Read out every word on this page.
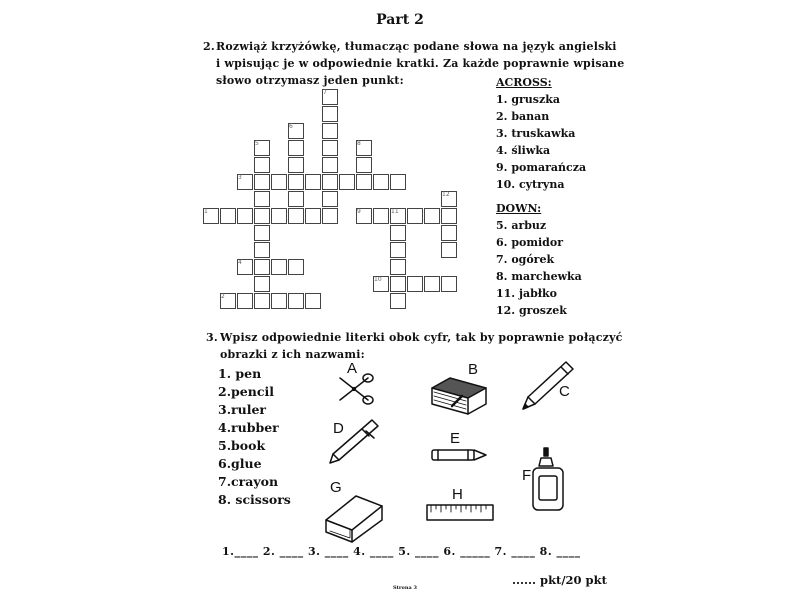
Part 2
2. Rozwiąż krzyżówkę, tłumacząc podane słowa na język angielski
i wpisując je w odpowiednie kratki. Za każde poprawnie wpisane
słowo otrzymasz jeden punkt:
7
6
5	8
3
12
1	9	11
4
10
2
ACROSS:
1. gruszka
2. banan
3. truskawka
4. śliwka
9. pomarańcza
10. cytryna
DOWN:
5. arbuz
6. pomidor
7. ogórek
8. marchewka
11. jabłko
12. groszek
3. Wpisz odpowiednie literki obok cyfr, tak by poprawnie połączyć
obrazki z ich nazwami:
1. pen
2.pencil
3.ruler
4.rubber
5.book
6.glue
7.crayon
8. scissors
A	B
C
D
E
F
G	H
1.____ 2. ____ 3. ____ 4. ____ 5. ____ 6. _____ 7. ____ 8. ____
Strona 3
...... pkt/20 pkt
